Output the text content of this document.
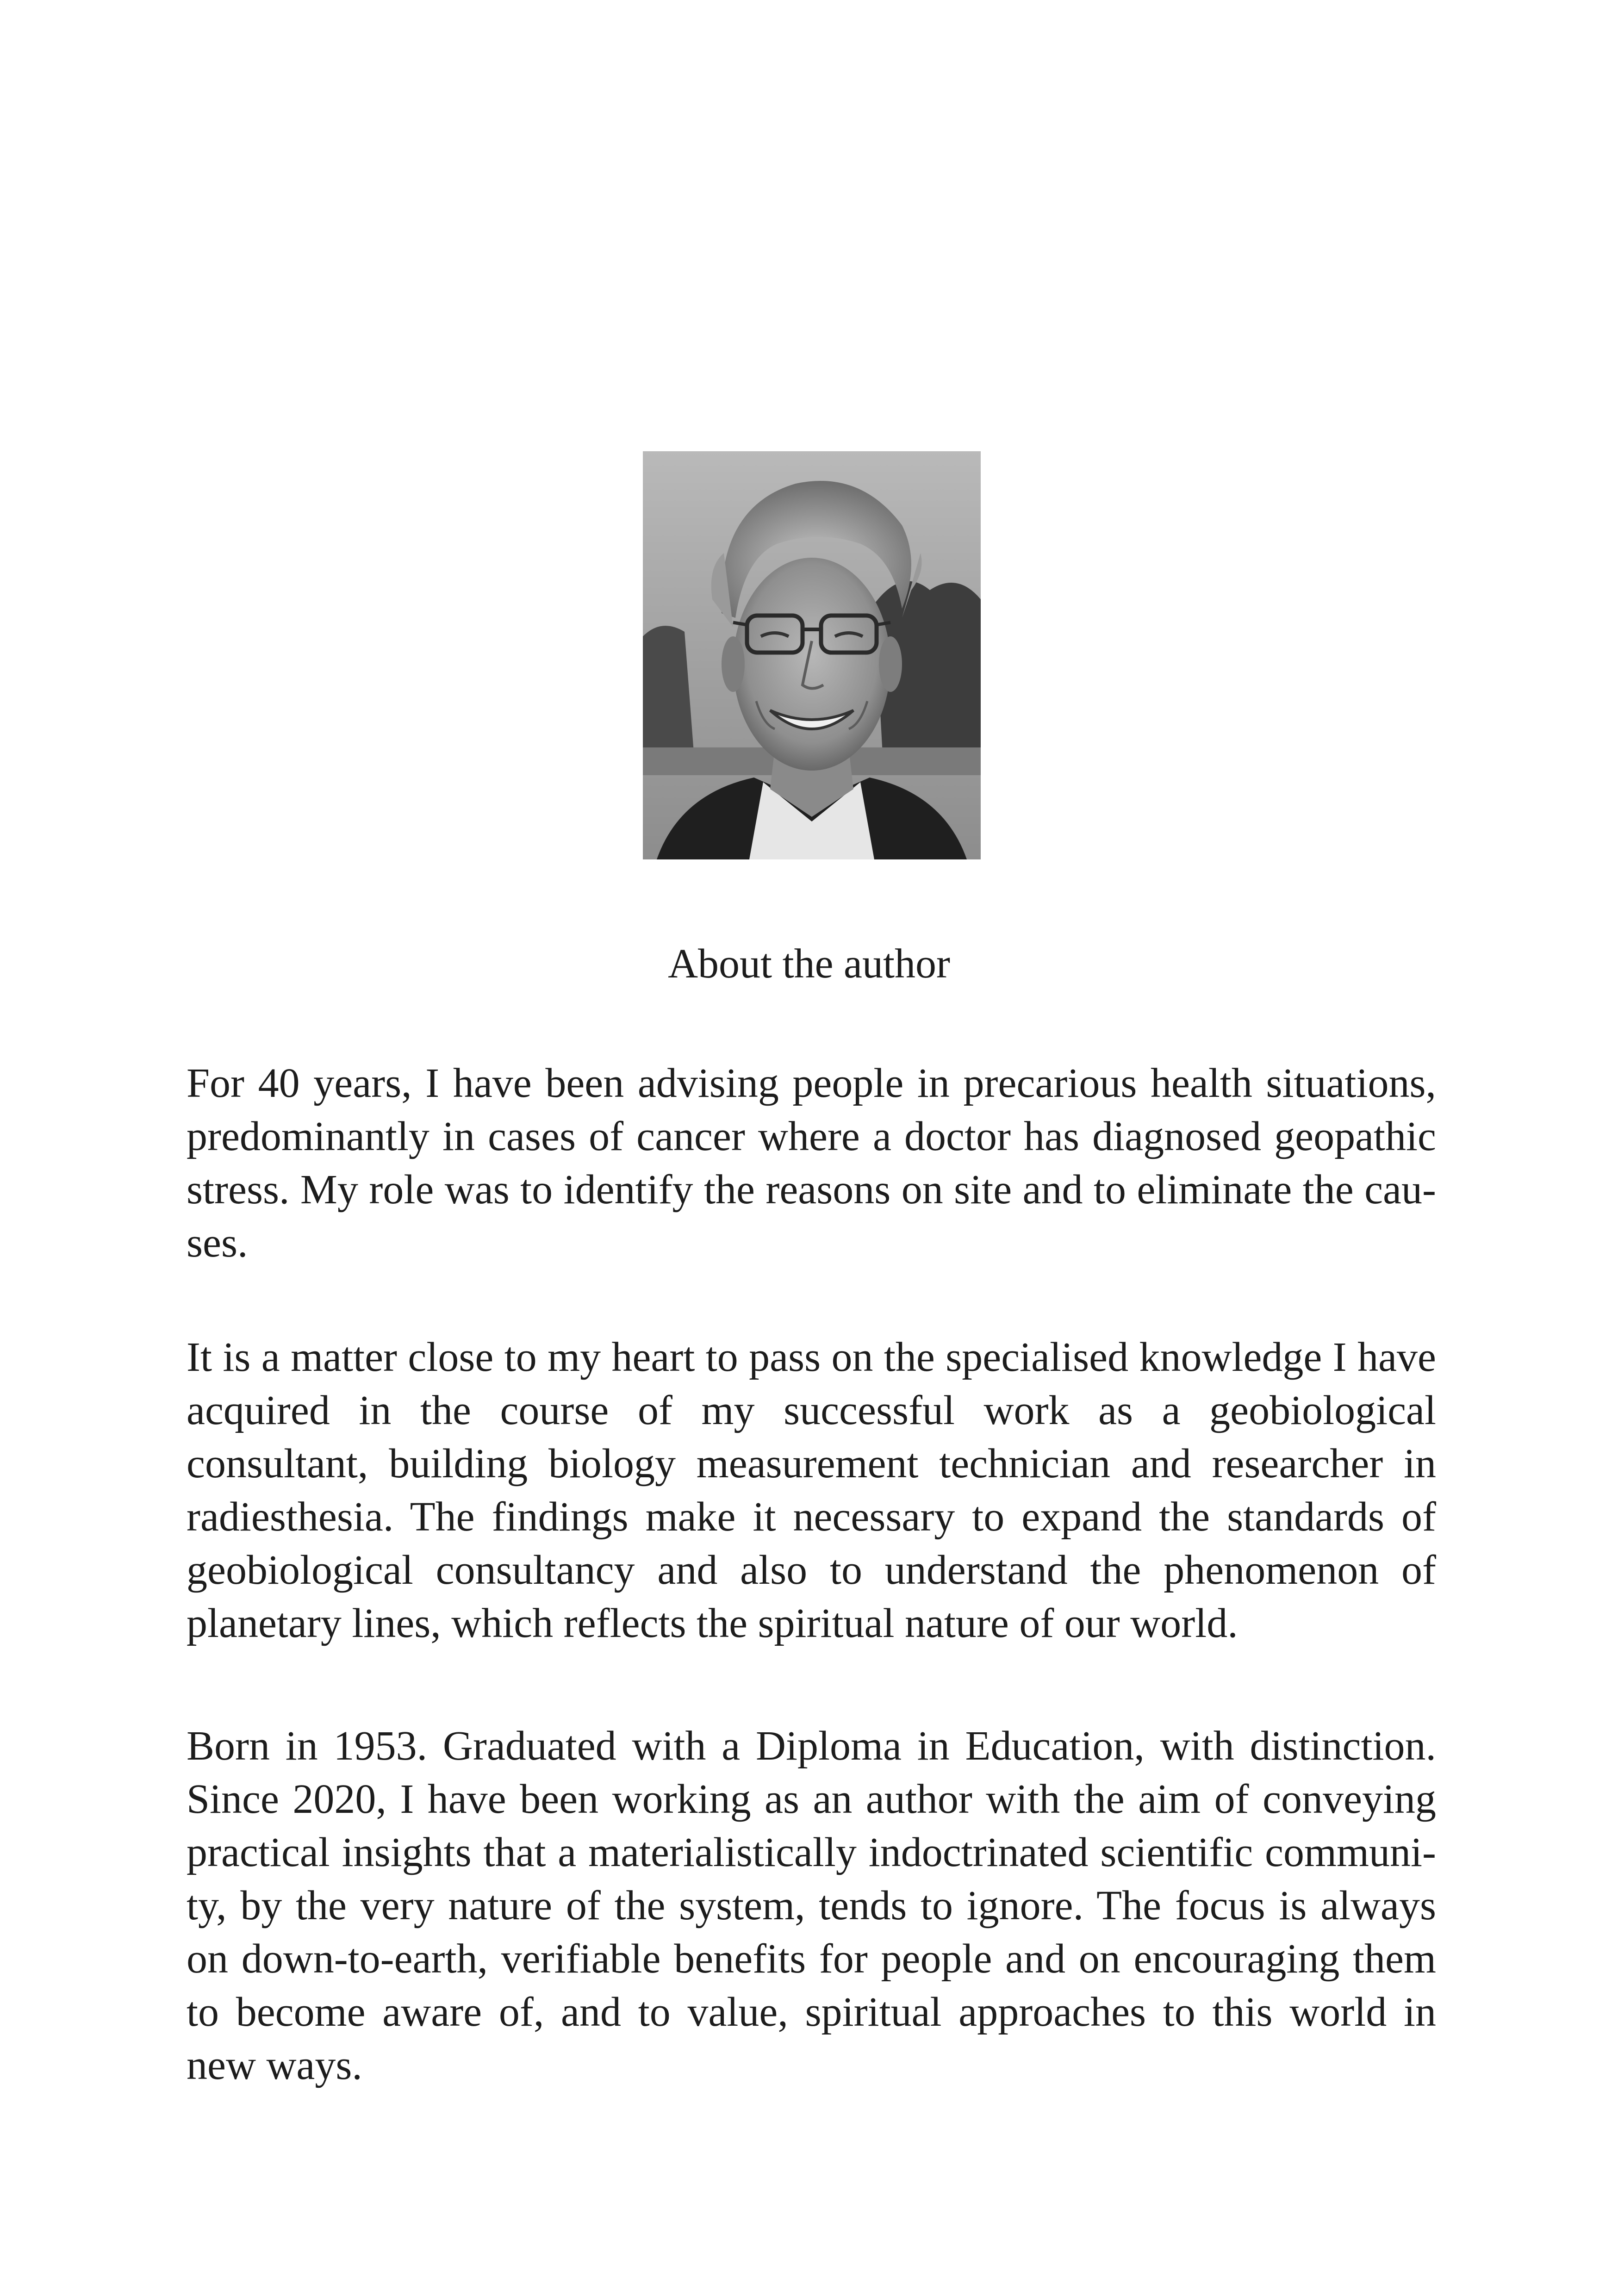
About the author

For 40 years, I have been advising people in precarious health situations, predominantly in cases of cancer where a doctor has diagnosed geopathic stress. My role was to identify the reasons on site and to eliminate the causes.

It is a matter close to my heart to pass on the specialised knowledge I have acquired in the course of my successful work as a geobiological consultant, building biology measurement technician and researcher in radiesthesia. The findings make it necessary to expand the standards of geobiological consultancy and also to understand the phenomenon of planetary lines, which reflects the spiritual nature of our world.

Born in 1953. Graduated with a Diploma in Education, with distinction. Since 2020, I have been working as an author with the aim of conveying practical insights that a materialistically indoctrinated scientific community, by the very nature of the system, tends to ignore. The focus is always on down-to-earth, verifiable benefits for people and on encouraging them to become aware of, and to value, spiritual approaches to this world in new ways.
